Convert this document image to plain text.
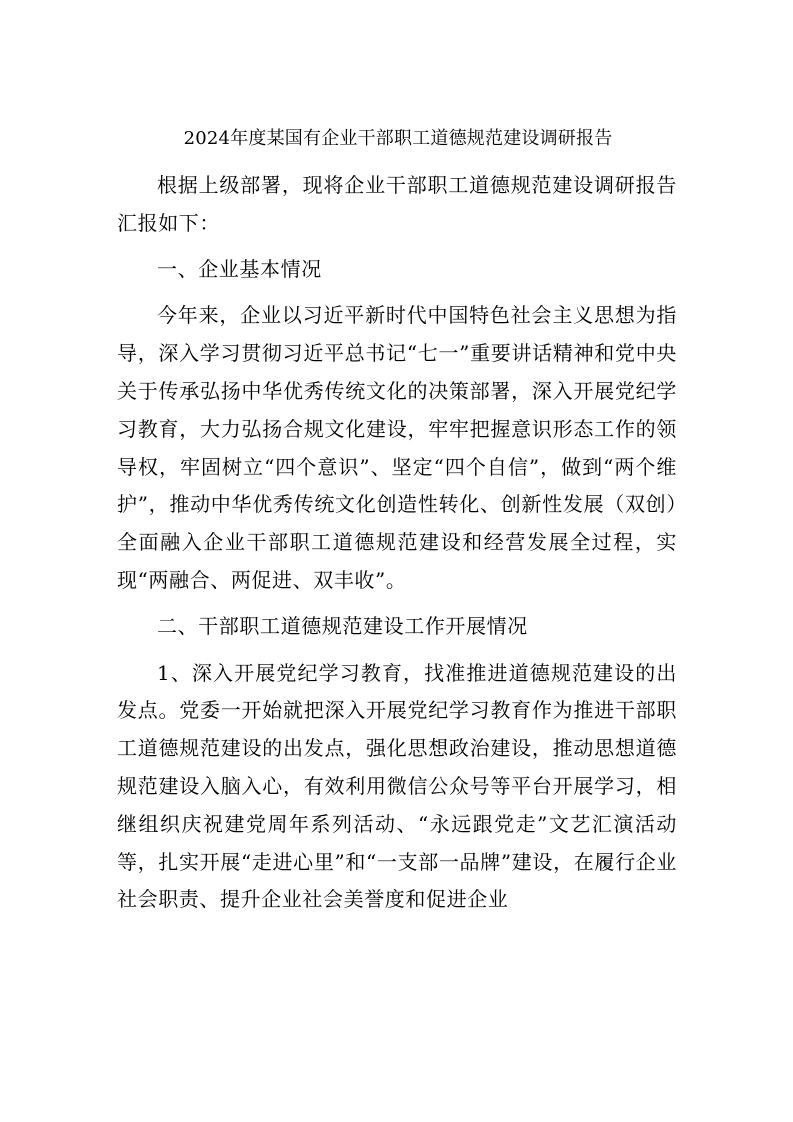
2024年度某国有企业干部职工道德规范建设调研报告

根据上级部署，现将企业干部职工道德规范建设调研报告汇报如下：

一、企业基本情况

今年来，企业以习近平新时代中国特色社会主义思想为指导，深入学习贯彻习近平总书记“七一”重要讲话精神和党中央关于传承弘扬中华优秀传统文化的决策部署，深入开展党纪学习教育，大力弘扬合规文化建设，牢牢把握意识形态工作的领导权，牢固树立“四个意识”、坚定“四个自信”，做到“两个维护”，推动中华优秀传统文化创造性转化、创新性发展（双创）全面融入企业干部职工道德规范建设和经营发展全过程，实现“两融合、两促进、双丰收”。

二、干部职工道德规范建设工作开展情况

1、深入开展党纪学习教育，找准推进道德规范建设的出发点。党委一开始就把深入开展党纪学习教育作为推进干部职工道德规范建设的出发点，强化思想政治建设，推动思想道德规范建设入脑入心，有效利用微信公众号等平台开展学习，相继组织庆祝建党周年系列活动、“永远跟党走”文艺汇演活动等，扎实开展“走进心里”和“一支部一品牌”建设，在履行企业社会职责、提升企业社会美誉度和促进企业
